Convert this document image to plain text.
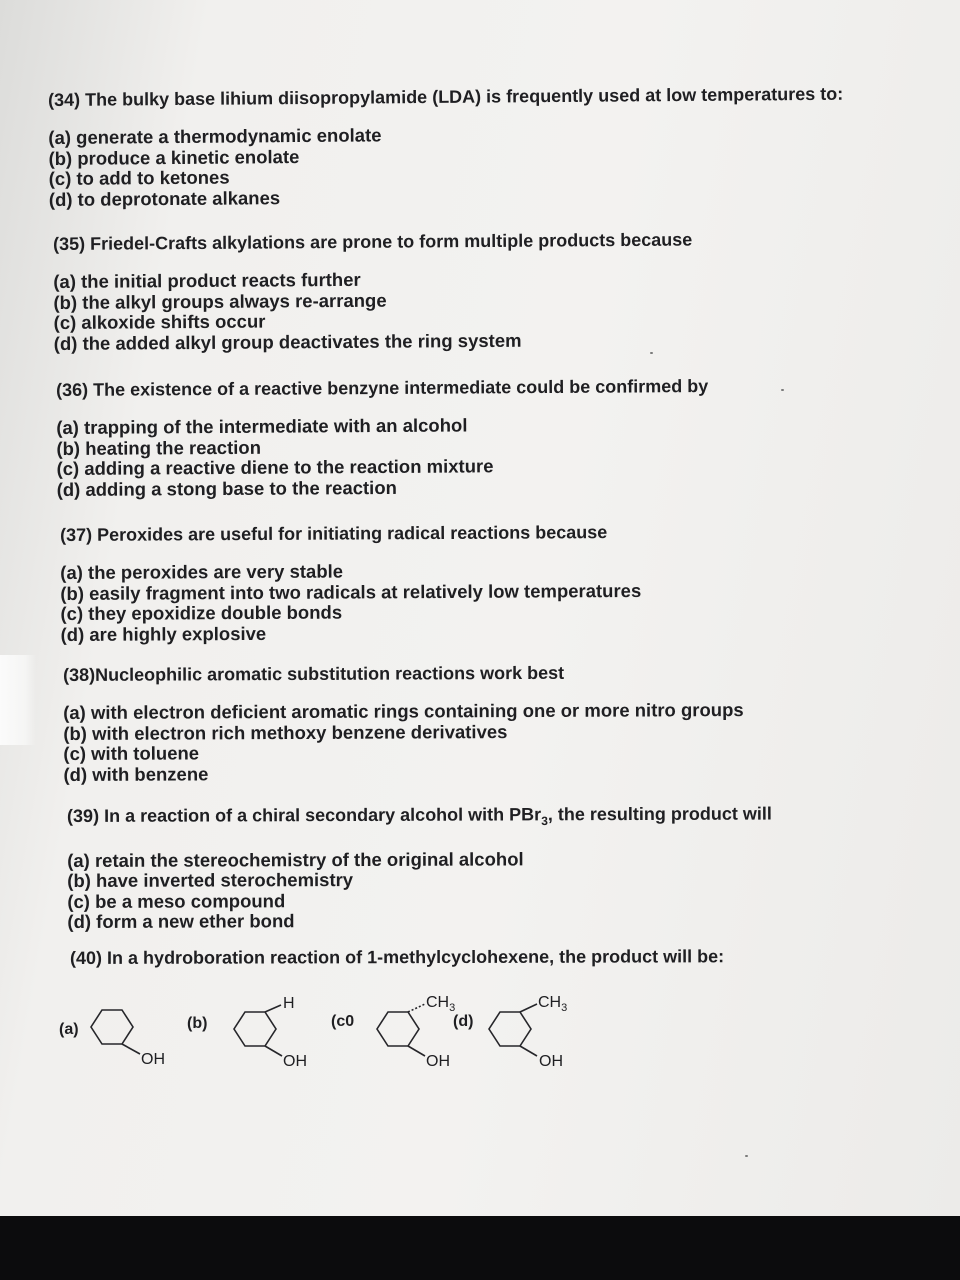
(34) The bulky base lihium diisopropylamide (LDA) is frequently used at low temperatures to:

(a) generate a thermodynamic enolate

(b) produce a kinetic enolate

(c) to add to ketones

(d) to deprotonate alkanes

(35) Friedel-Crafts alkylations are prone to form multiple products because

(a) the initial product reacts further

(b) the alkyl groups always re-arrange

(c) alkoxide shifts occur

(d) the added alkyl group deactivates the ring system

(36) The existence of a reactive benzyne intermediate could be confirmed by

(a) trapping of the intermediate with an alcohol

(b) heating the reaction

(c) adding a reactive diene to the reaction mixture

(d) adding a stong base to the reaction

(37) Peroxides are useful for initiating radical reactions because

(a) the peroxides are very stable

(b) easily fragment into two radicals at relatively low temperatures

(c) they epoxidize double bonds

(d) are highly explosive

(38)Nucleophilic aromatic substitution reactions work best

(a) with electron deficient aromatic rings containing one or more nitro groups

(b) with electron rich methoxy benzene derivatives

(c) with toluene

(d) with benzene

(39) In a reaction of a chiral secondary alcohol with PBr$_3$, the resulting product will

(a) retain the stereochemistry of the original alcohol

(b) have inverted sterochemistry

(c) be a meso compound

(d) form a new ether bond

(40) In a hydroboration reaction of 1-methylcyclohexene, the product will be:

(a)
OH
(b)
H
OH
(c0
$CH_3$
OH
(d)
$CH_3$
OH
